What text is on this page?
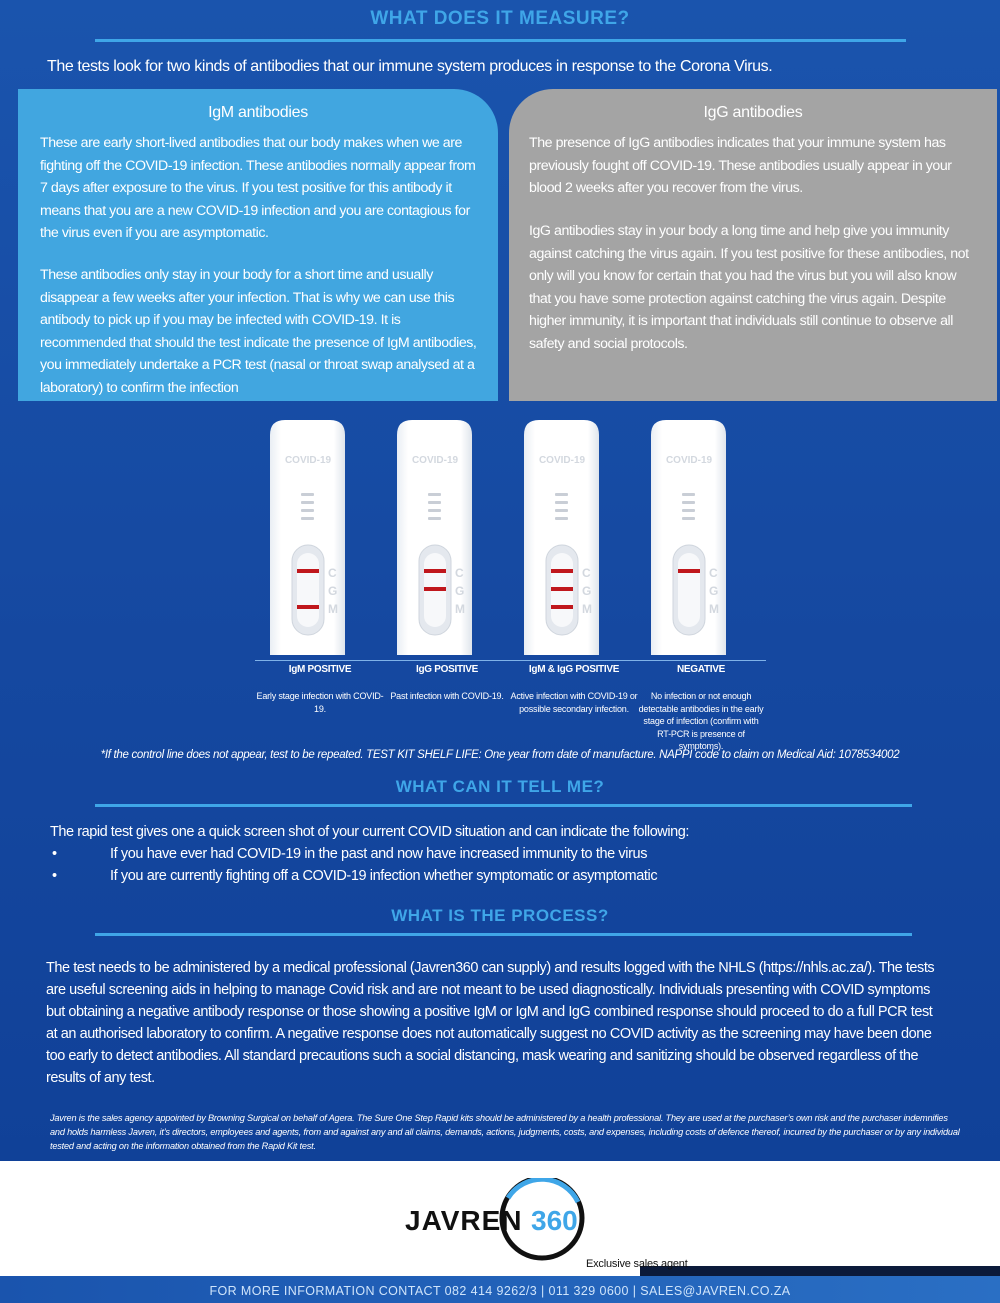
WHAT DOES IT MEASURE?
The tests look for two kinds of antibodies that our immune system produces in response to the Corona Virus.
IgM antibodies
These are early short-lived antibodies that our body makes when we are fighting off the COVID-19 infection. These antibodies normally appear from 7 days after exposure to the virus. If you test positive for this antibody it means that you are a new COVID-19 infection and you are contagious for the virus even if you are asymptomatic.
These antibodies only stay in your body for a short time and usually disappear a few weeks after your infection. That is why we can use this antibody to pick up if you may be infected with COVID-19. It is recommended that should the test indicate the presence of IgM antibodies, you immediately undertake a PCR test (nasal or throat swap analysed at a laboratory) to confirm the infection
IgG antibodies
The presence of IgG antibodies indicates that your immune system has previously fought off COVID-19. These antibodies usually appear in your blood 2 weeks after you recover from the virus.
IgG antibodies stay in your body a long time and help give you immunity against catching the virus again. If you test positive for these antibodies, not only will you know for certain that you had the virus but you will also know that you have some protection against catching the virus again. Despite higher immunity, it is important that individuals still continue to observe all safety and social protocols.
COVID-19
C
G
M
IgM POSITIVE
Early stage infection with COVID-19.
COVID-19
C
G
M
IgG POSITIVE
Past infection with COVID-19.
COVID-19
C
G
M
IgM & IgG POSITIVE
Active infection with COVID-19 or possible secondary infection.
COVID-19
C
G
M
NEGATIVE
No infection or not enough detectable antibodies in the early stage of infection (confirm with RT-PCR is presence of symptoms).
*If the control line does not appear, test to be repeated. TEST KIT SHELF LIFE: One year from date of manufacture. NAPPI code to claim on Medical Aid: 1078534002
WHAT CAN IT TELL ME?
The rapid test gives one a quick screen shot of your current COVID situation and can indicate the following:
•	If you have ever had COVID-19 in the past and now have increased immunity to the virus
•	If you are currently fighting off a COVID-19 infection whether symptomatic or asymptomatic
WHAT IS THE PROCESS?
The test needs to be administered by a medical professional (Javren360 can supply) and results logged with the NHLS (https://nhls.ac.za/). The tests are useful screening aids in helping to manage Covid risk and are not meant to be used diagnostically. Individuals presenting with COVID symptoms but obtaining a negative antibody response or those showing a positive IgM or IgM and IgG combined response should proceed to do a full PCR test at an authorised laboratory to confirm. A negative response does not automatically suggest no COVID activity as the screening may have been done too early to detect antibodies. All standard precautions such a social distancing, mask wearing and sanitizing should be observed regardless of the results of any test.
Javren is the sales agency appointed by Browning Surgical on behalf of Agera. The Sure One Step Rapid kits should be administered by a health professional. They are used at the purchaser’s own risk and the purchaser indemnifies and holds harmless Javren, it’s directors, employees and agents, from and against any and all claims, demands, actions, judgments, costs, and expenses, including costs of defence thereof, incurred by the purchaser or by any individual tested and acting on the information obtained from the Rapid Kit test.
JAVREN 360
Exclusive sales agent
FOR MORE INFORMATION CONTACT 082 414 9262/3 | 011 329 0600 | SALES@JAVREN.CO.ZA
